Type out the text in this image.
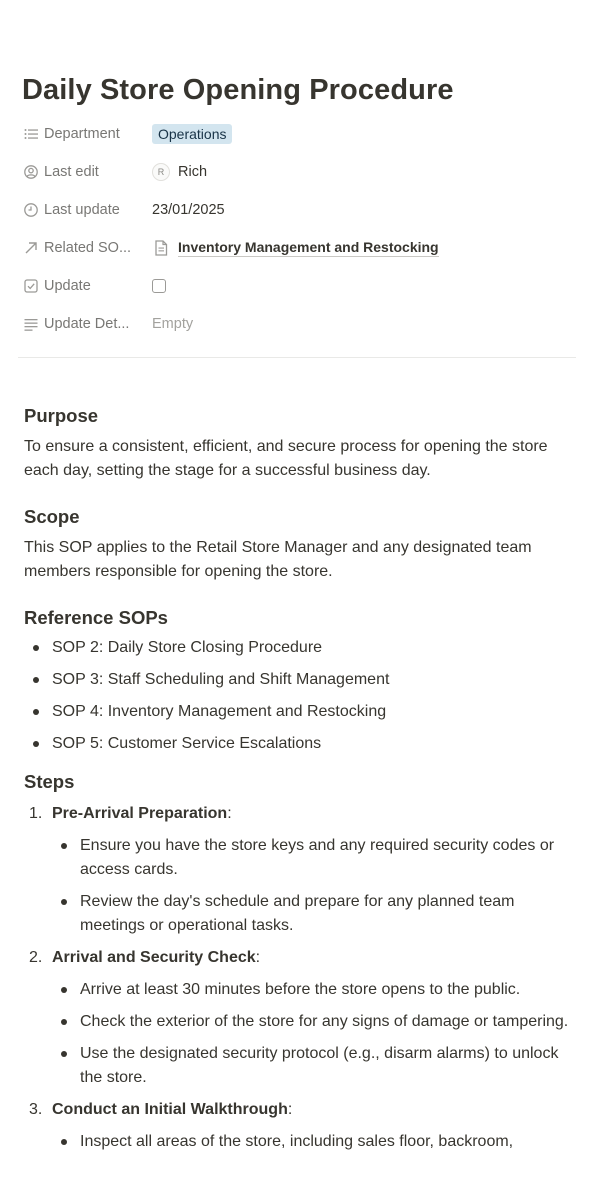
Daily Store Opening Procedure
Department	Operations
Last edit	R Rich
Last update 23/01/2025
Related SO...	Inventory Management and Restocking
Update
Update Det... Empty
Purpose

To ensure a consistent, efficient, and secure process for opening the store each day, setting the stage for a successful business day.

Scope

This SOP applies to the Retail Store Manager and any designated team members responsible for opening the store.

Reference SOPs
SOP 2: Daily Store Closing Procedure
SOP 3: Staff Scheduling and Shift Management
SOP 4: Inventory Management and Restocking
SOP 5: Customer Service Escalations
Steps
1. Pre-Arrival Preparation:
Ensure you have the store keys and any required security codes or access cards.
Review the day's schedule and prepare for any planned team meetings or operational tasks.
2. Arrival and Security Check:
Arrive at least 30 minutes before the store opens to the public.
Check the exterior of the store for any signs of damage or tampering.
Use the designated security protocol (e.g., disarm alarms) to unlock the store.
3. Conduct an Initial Walkthrough:
Inspect all areas of the store, including sales floor, backroom,
